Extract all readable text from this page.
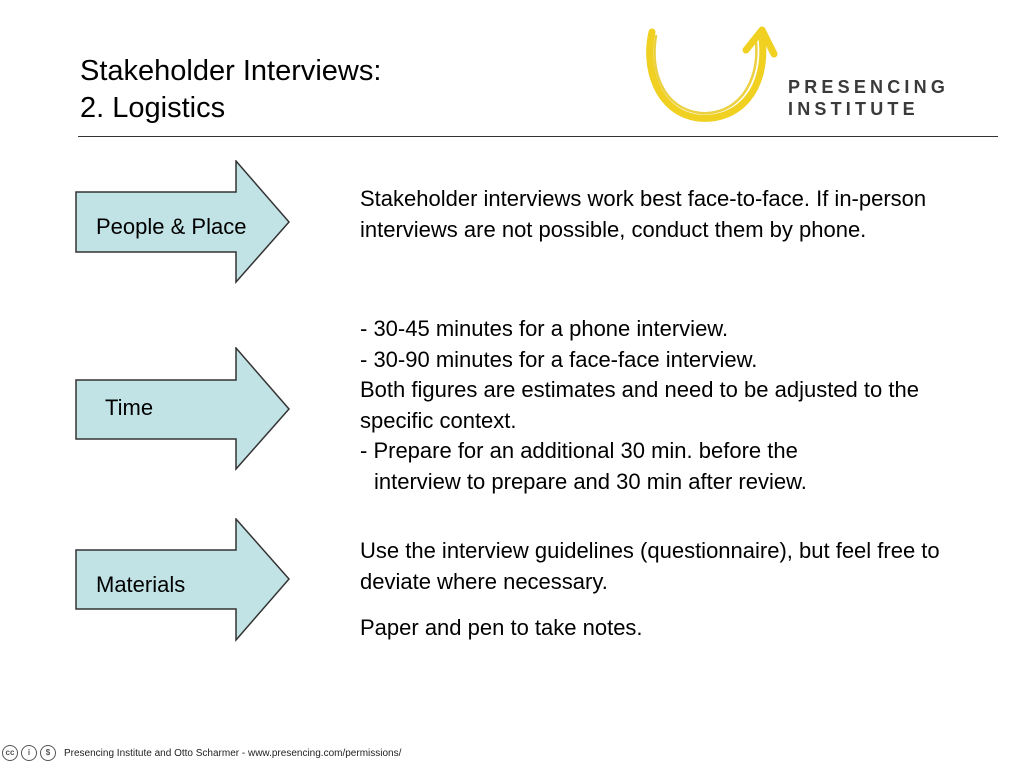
Stakeholder Interviews:
2. Logistics
PRESENCING
INSTITUTE
People & Place
Time
Materials

Stakeholder interviews work best face-to-face. If in-person interviews are not possible, conduct them by phone.

- 30-45 minutes for a phone interview.

- 30-90 minutes for a face-face interview.

Both figures are estimates and need to be adjusted to the specific context.

- Prepare for an additional 30 min. before the

interview to prepare and 30 min after review.

Use the interview guidelines (questionnaire), but feel free to deviate where necessary.

Paper and pen to take notes.

cc	i	$	Presencing Institute and Otto Scharmer - www.presencing.com/permissions/
